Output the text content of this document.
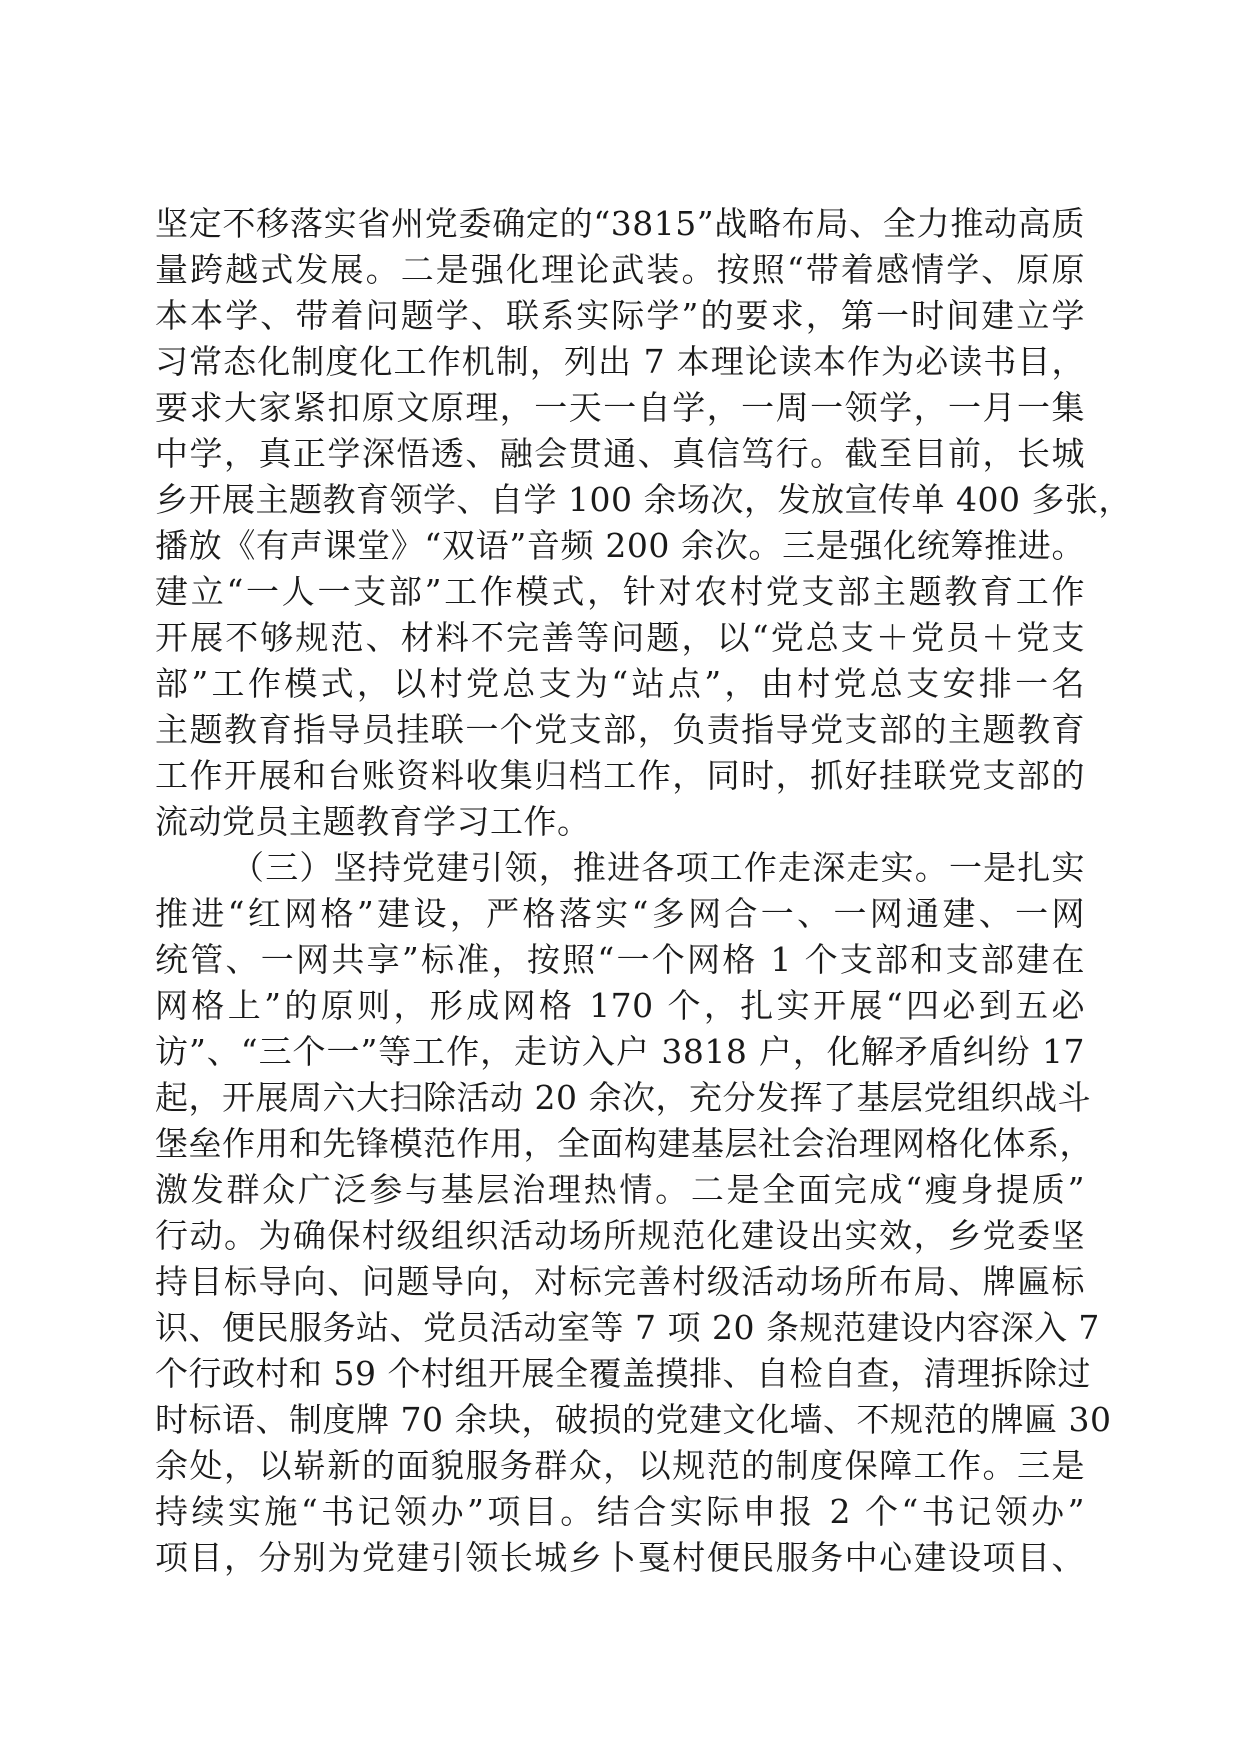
坚定不移落实省州党委确定的“3815”战略布局、全力推动高质
量跨越式发展。二是强化理论武装。按照“带着感情学、原原
本本学、带着问题学、联系实际学”的要求，第一时间建立学
习常态化制度化工作机制，列出 7 本理论读本作为必读书目，
要求大家紧扣原文原理，一天一自学，一周一领学，一月一集
中学，真正学深悟透、融会贯通、真信笃行。截至目前，长城
乡开展主题教育领学、自学 100 余场次，发放宣传单 400 多张，
播放《有声课堂》“双语”音频 200 余次。三是强化统筹推进。
建立“一人一支部”工作模式，针对农村党支部主题教育工作
开展不够规范、材料不完善等问题，以“党总支＋党员＋党支
部”工作模式，以村党总支为“站点”，由村党总支安排一名
主题教育指导员挂联一个党支部，负责指导党支部的主题教育
工作开展和台账资料收集归档工作，同时，抓好挂联党支部的
流动党员主题教育学习工作。
（三）坚持党建引领，推进各项工作走深走实。一是扎实
推进“红网格”建设，严格落实“多网合一、一网通建、一网
统管、一网共享”标准，按照“一个网格 1 个支部和支部建在
网格上”的原则，形成网格 170 个，扎实开展“四必到五必
访”、“三个一”等工作，走访入户 3818 户，化解矛盾纠纷 17
起，开展周六大扫除活动 20 余次，充分发挥了基层党组织战斗
堡垒作用和先锋模范作用，全面构建基层社会治理网格化体系，
激发群众广泛参与基层治理热情。二是全面完成“瘦身提质”
行动。为确保村级组织活动场所规范化建设出实效，乡党委坚
持目标导向、问题导向，对标完善村级活动场所布局、牌匾标
识、便民服务站、党员活动室等 7 项 20 条规范建设内容深入 7
个行政村和 59 个村组开展全覆盖摸排、自检自查，清理拆除过
时标语、制度牌 70 余块，破损的党建文化墙、不规范的牌匾 30
余处，以崭新的面貌服务群众，以规范的制度保障工作。三是
持续实施“书记领办”项目。结合实际申报 2 个“书记领办”
项目，分别为党建引领长城乡卜戛村便民服务中心建设项目、
